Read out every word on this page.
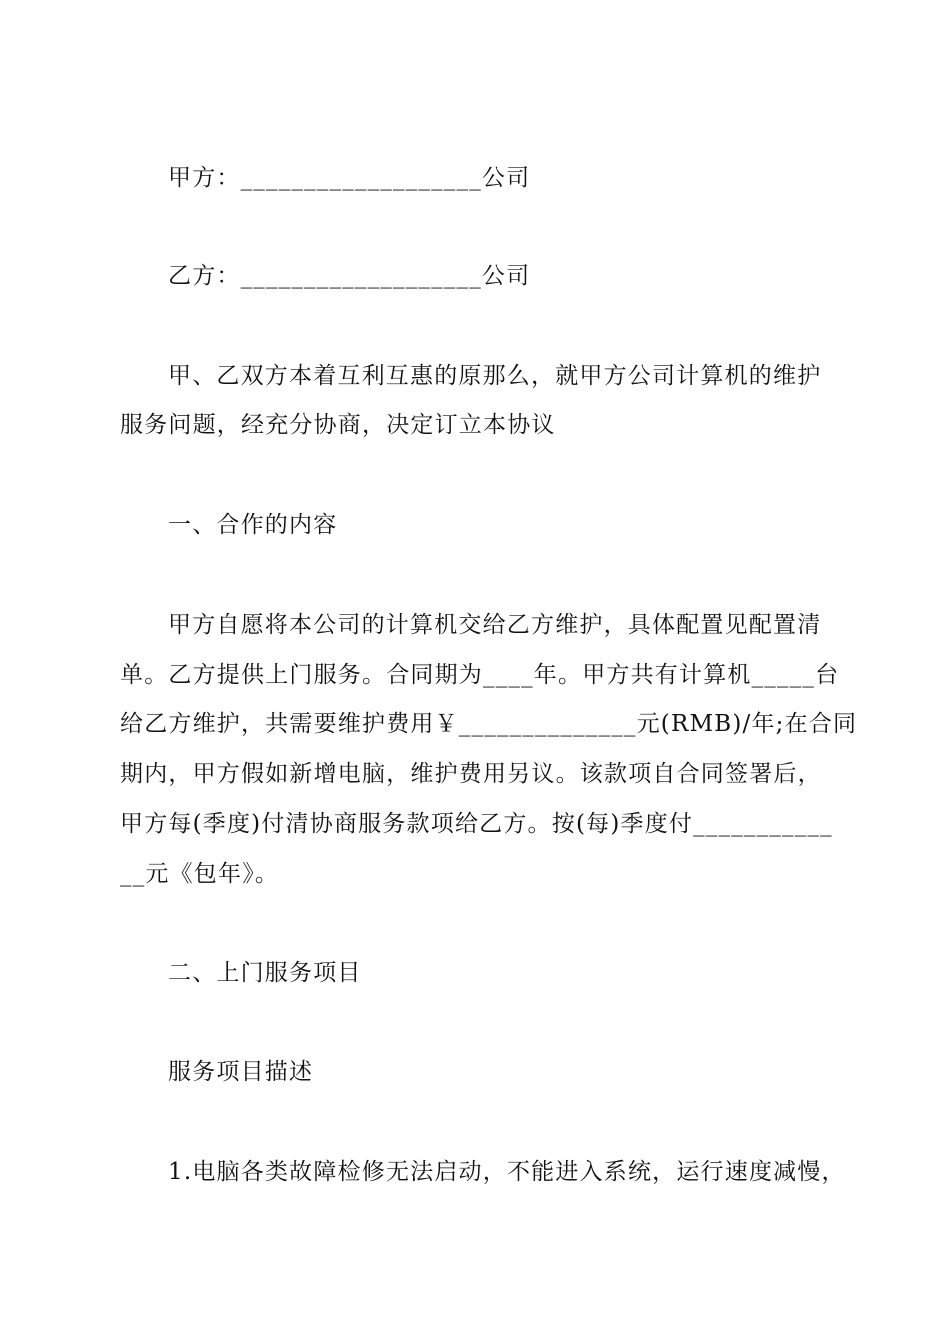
甲方：___________________公司
乙方：___________________公司
甲、乙双方本着互利互惠的原那么，就甲方公司计算机的维护
服务问题，经充分协商，决定订立本协议
一、合作的内容
甲方自愿将本公司的计算机交给乙方维护，具体配置见配置清
单。乙方提供上门服务。合同期为____年。甲方共有计算机_____台
给乙方维护，共需要维护费用￥______________元(RMB)/年;在合同
期内，甲方假如新增电脑，维护费用另议。该款项自合同签署后，
甲方每(季度)付清协商服务款项给乙方。按(每)季度付___________
__元《包年》。
二、上门服务项目
服务项目描述
1.电脑各类故障检修无法启动，不能进入系统，运行速度减慢，
